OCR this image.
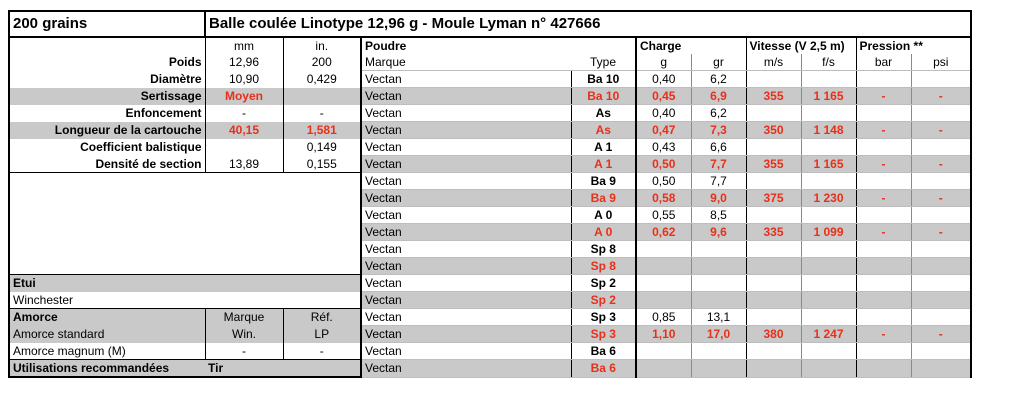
200 grains	Balle coulée Linotype 12,96 g - Moule Lyman n° 427666									
	mm	in.	Poudre		Charge		Vitesse (V 2,5 m)		Pression **	
Poids	12,96	200	Marque	Type	g	gr	m/s	f/s	bar	psi
Diamètre	10,90	0,429	Vectan	Ba 10	0,40	6,2				
Sertissage	Moyen		Vectan	Ba 10	0,45	6,9	355	1 165	-	-
Enfoncement	-	-	Vectan	As	0,40	6,2				
Longueur de la cartouche	40,15	1,581	Vectan	As	0,47	7,3	350	1 148	-	-
Coefficient balistique		0,149	Vectan	A 1	0,43	6,6				
Densité de section	13,89	0,155	Vectan	A 1	0,50	7,7	355	1 165	-	-
			Vectan	Ba 9	0,50	7,7				
			Vectan	Ba 9	0,58	9,0	375	1 230	-	-
			Vectan	A 0	0,55	8,5				
			Vectan	A 0	0,62	9,6	335	1 099	-	-
			Vectan	Sp 8						
			Vectan	Sp 8						
Etui			Vectan	Sp 2						
Winchester			Vectan	Sp 2						
Amorce	Marque	Réf.	Vectan	Sp 3	0,85	13,1				
Amorce standard	Win.	LP	Vectan	Sp 3	1,10	17,0	380	1 247	-	-
Amorce magnum (M)	-	-	Vectan	Ba 6						
Utilisations recommandées	Tir		Vectan	Ba 6						
